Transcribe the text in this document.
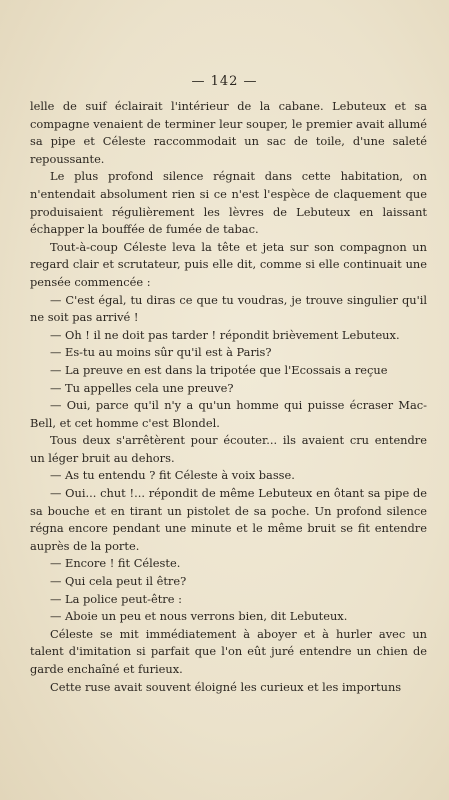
— 142 —

lelle de suif éclairait l'intérieur de la cabane. Lebuteux et sa compagne venaient de terminer leur souper, le premier avait allumé sa pipe et Céleste raccommodait un sac de toile, d'une saleté repoussante.

Le plus profond silence régnait dans cette habitation, on n'entendait absolument rien si ce n'est l'espèce de claquement que produisaient régulièrement les lèvres de Lebuteux en laissant échapper la bouffée de fumée de tabac.

Tout-à-coup Céleste leva la tête et jeta sur son compagnon un regard clair et scrutateur, puis elle dit, comme si elle continuait une pensée commencée :

— C'est égal, tu diras ce que tu voudras, je trouve singulier qu'il ne soit pas arrivé !

— Oh ! il ne doit pas tarder ! répondit brièvement Lebuteux.

— Es-tu au moins sûr qu'il est à Paris?

— La preuve en est dans la tripotée que l'Ecossais a reçue

— Tu appelles cela une preuve?

— Oui, parce qu'il n'y a qu'un homme qui puisse écraser Mac-Bell, et cet homme c'est Blondel.

Tous deux s'arrêtèrent pour écouter... ils avaient cru entendre un léger bruit au dehors.

— As tu entendu ? fit Céleste à voix basse.

— Oui... chut !... répondit de même Lebuteux en ôtant sa pipe de sa bouche et en tirant un pistolet de sa poche. Un profond silence régna encore pendant une minute et le même bruit se fit entendre auprès de la porte.

— Encore ! fit Céleste.

— Qui cela peut il être?

— La police peut-être :

— Aboie un peu et nous verrons bien, dit Lebuteux.

Céleste se mit immédiatement à aboyer et à hurler avec un talent d'imitation si parfait que l'on eût juré entendre un chien de garde enchaîné et furieux.

Cette ruse avait souvent éloigné les curieux et les importuns
